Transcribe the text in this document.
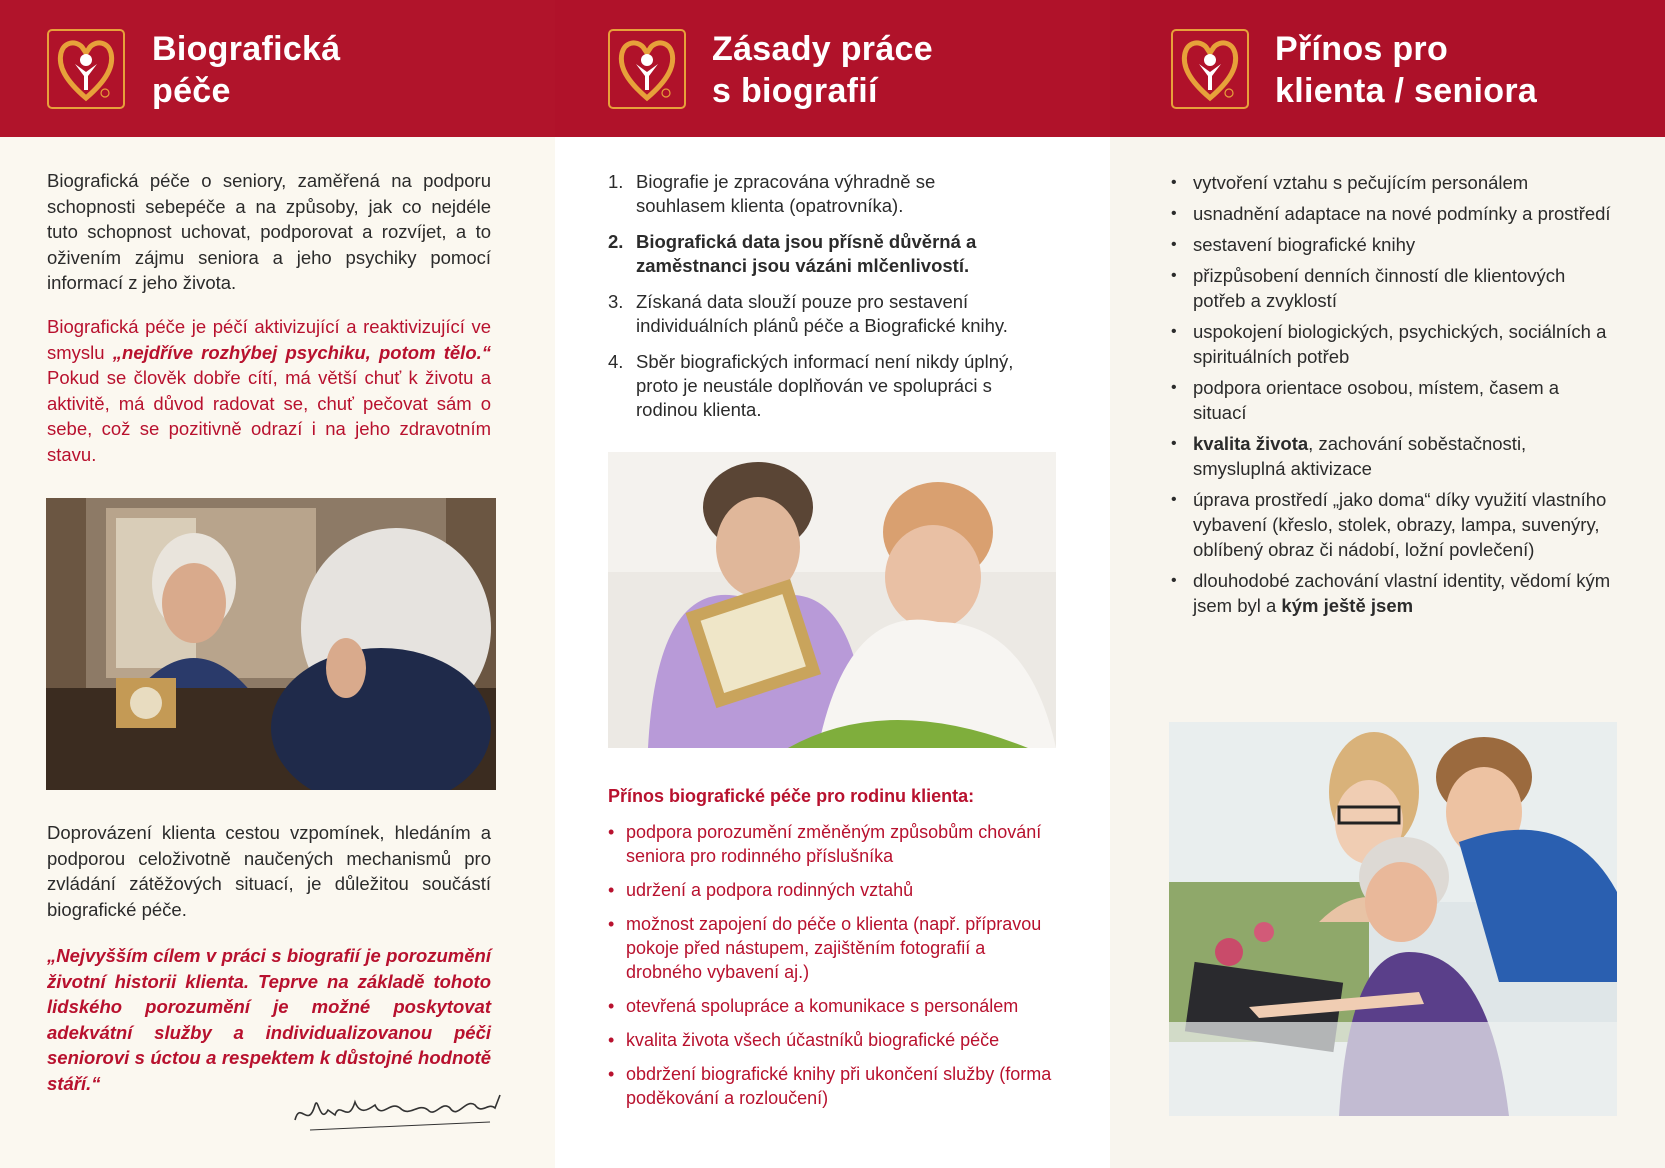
Biografická
péče
Biografická péče o seniory, zaměřená na podporu schopnosti sebepéče a na způsoby, jak co nejdéle tuto schopnost uchovat, podporovat a rozvíjet, a to oživením zájmu seniora a jeho psychiky pomocí informací z jeho života.
Biografická péče je péčí aktivizující a reaktivizující ve smyslu „nejdříve rozhýbej psychiku, potom tělo.“ Pokud se člověk dobře cítí, má větší chuť k životu a aktivitě, má důvod radovat se, chuť pečovat sám o sebe, což se pozitivně odrazí i na jeho zdravotním stavu.
Doprovázení klienta cestou vzpomínek, hledáním a podporou celoživotně naučených mechanismů pro zvládání zátěžových situací, je důležitou součástí biografické péče.
„Nejvyšším cílem v práci s biografií je porozumění životní historii klienta. Teprve na základě tohoto lidského porozumění je možné poskytovat adekvátní služby a individualizovanou péči seniorovi s úctou a respektem k důstojné hodnotě stáří.“
Zásady práce
s biografií
1. Biografie je zpracována výhradně se souhlasem klienta (opatrovníka).
2. Biografická data jsou přísně důvěrná a zaměstnanci jsou vázáni mlčenlivostí.
3. Získaná data slouží pouze pro sestavení individuálních plánů péče a Biografické knihy.
4. Sběr biografických informací není nikdy úplný, proto je neustále doplňován ve spolupráci s rodinou klienta.
Přínos biografické péče pro rodinu klienta:
• podpora porozumění změněným způsobům chování seniora pro rodinného příslušníka
• udržení a podpora rodinných vztahů
• možnost zapojení do péče o klienta (např. přípravou pokoje před nástupem, zajištěním fotografií a drobného vybavení aj.)
• otevřená spolupráce a komunikace s personálem
• kvalita života všech účastníků biografické péče
• obdržení biografické knihy při ukončení služby (forma poděkování a rozloučení)
Přínos pro
klienta / seniora
• vytvoření vztahu s pečujícím personálem
• usnadnění adaptace na nové podmínky a prostředí
• sestavení biografické knihy
• přizpůsobení denních činností dle klientových potřeb a zvyklostí
• uspokojení biologických, psychických, sociálních a spirituálních potřeb
• podpora orientace osobou, místem, časem a situací
• kvalita života, zachování soběstačnosti, smysluplná aktivizace
• úprava prostředí „jako doma“ díky využití vlastního vybavení (křeslo, stolek, obrazy, lampa, suvenýry, oblíbený obraz či nádobí, ložní povlečení)
• dlouhodobé zachování vlastní identity, vědomí kým jsem byl a kým ještě jsem
